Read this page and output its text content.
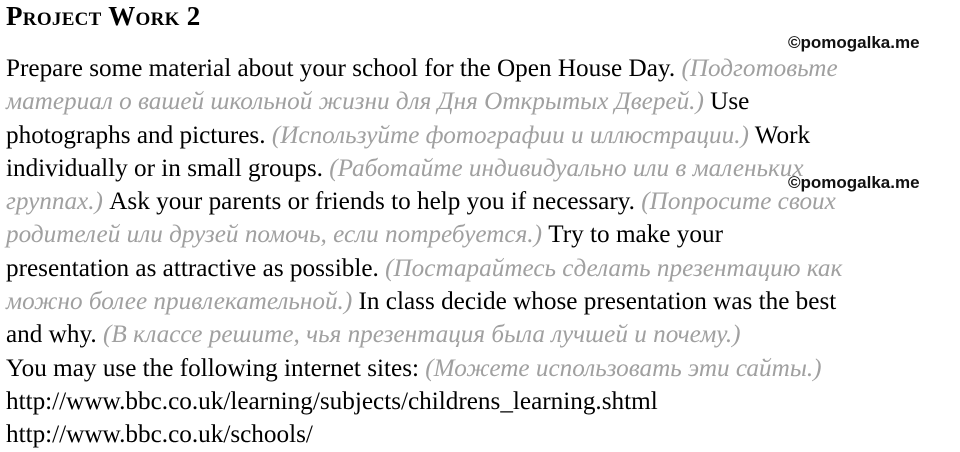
Project Work 2
Prepare some material about your school for the Open House Day. (Подготовьте
материал о вашей школьной жизни для Дня Открытых Дверей.) Use
photographs and pictures. (Используйте фотографии и иллюстрации.) Work
individually or in small groups. (Работайте индивидуально или в маленьких
группах.) Ask your parents or friends to help you if necessary. (Попросите своих
родителей или друзей помочь, если потребуется.) Try to make your
presentation as attractive as possible. (Постарайтесь сделать презентацию как
можно более привлекательной.) In class decide whose presentation was the best
and why. (В классе решите, чья презентация была лучшей и почему.)
You may use the following internet sites: (Можете использовать эти сайты.)
http://www.bbc.co.uk/learning/subjects/childrens_learning.shtml
http://www.bbc.co.uk/schools/
©pomogalka.me
©pomogalka.me
